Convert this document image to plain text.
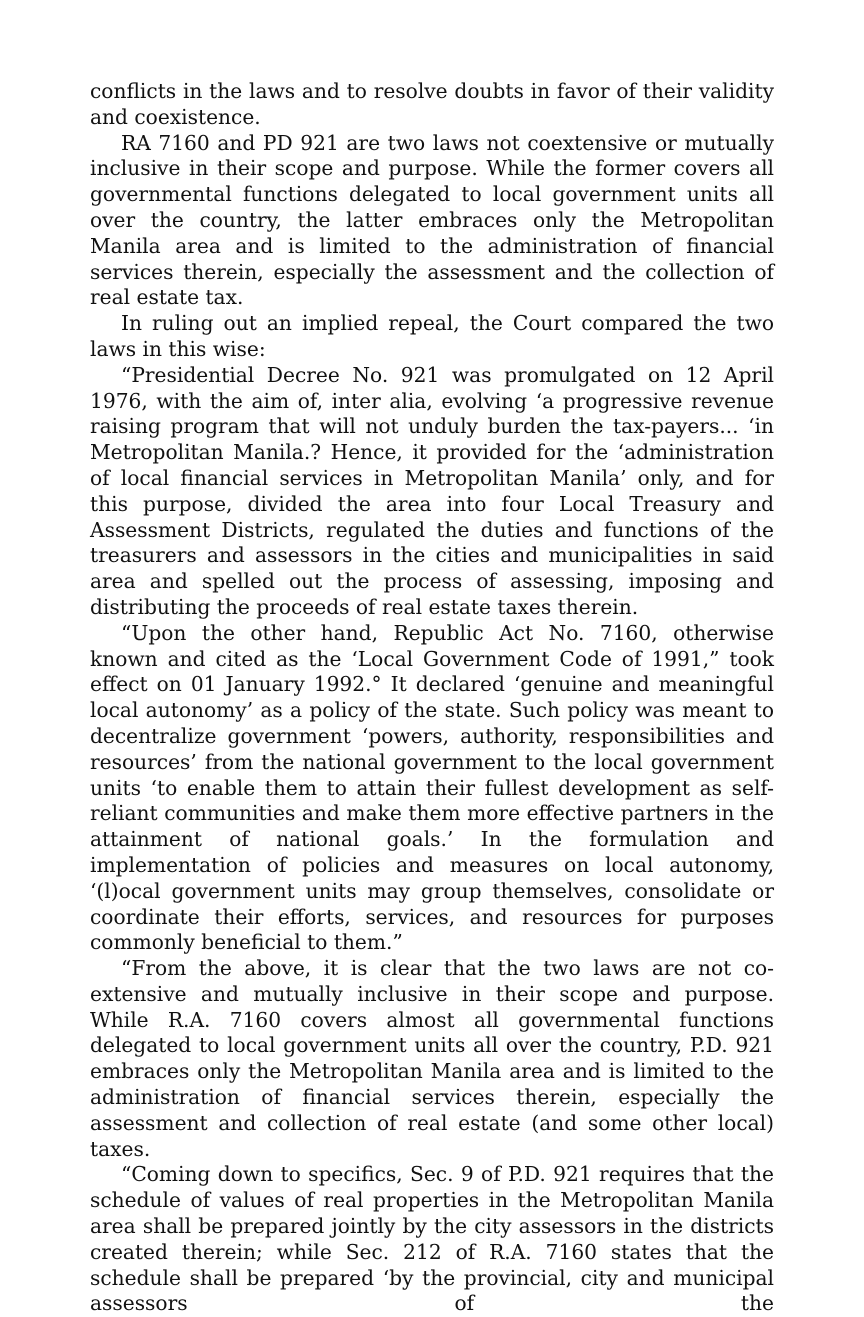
conflicts in the laws and to resolve doubts in favor of their validity and coexistence.

RA 7160 and PD 921 are two laws not coextensive or mutually inclusive in their scope and purpose. While the former covers all governmental functions delegated to local government units all over the country, the latter embraces only the Metropolitan Manila area and is limited to the administration of financial services therein, especially the assessment and the collection of real estate tax.

In ruling out an implied repeal, the Court compared the two laws in this wise:

“Presidential Decree No. 921 was promulgated on 12 April 1976, with the aim of, inter alia, evolving ‘a progressive revenue raising program that will not unduly burden the tax-payers... ‘in Metropolitan Manila.? Hence, it provided for the ‘administration of local financial services in Metropolitan Manila’ only, and for this purpose, divided the area into four Local Treasury and Assessment Districts, regulated the duties and functions of the treasurers and assessors in the cities and municipalities in said area and spelled out the process of assessing, imposing and distributing the proceeds of real estate taxes therein.

“Upon the other hand, Republic Act No. 7160, otherwise known and cited as the ‘Local Government Code of 1991,” took effect on 01 January 1992.° It declared ‘genuine and meaningful local autonomy’ as a policy of the state. Such policy was meant to decentralize government ‘powers, authority, responsibilities and resources’ from the national government to the local government units ‘to enable them to attain their fullest development as self-reliant communities and make them more effective partners in the attainment of national goals.’ In the formulation and implementation of policies and measures on local autonomy, ‘(l)ocal government units may group themselves, consolidate or coordinate their efforts, services, and resources for purposes commonly beneficial to them.”

“From the above, it is clear that the two laws are not co-extensive and mutually inclusive in their scope and purpose. While R.A. 7160 covers almost all governmental functions delegated to local government units all over the country, P.D. 921 embraces only the Metropolitan Manila area and is limited to the administration of financial services therein, especially the assessment and collection of real estate (and some other local) taxes.

“Coming down to specifics, Sec. 9 of P.D. 921 requires that the schedule of values of real properties in the Metropolitan Manila area shall be prepared jointly by the city assessors in the districts created therein; while Sec. 212 of R.A. 7160 states that the schedule shall be prepared ‘by the provincial, city and municipal assessors of the
